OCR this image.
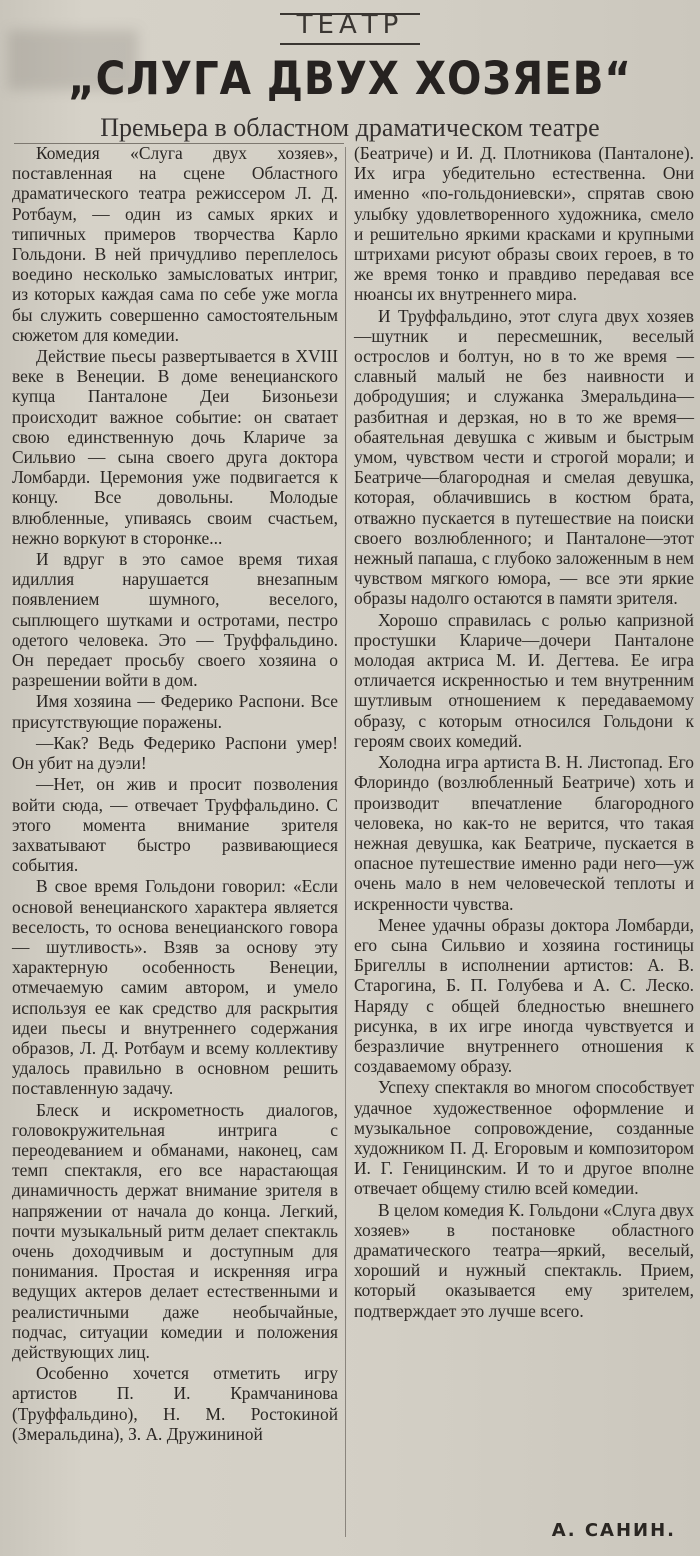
ТЕАТР
„СЛУГА ДВУХ ХОЗЯЕВ“
Премьера в областном драматическом театре

Комедия «Слуга двух хозяев», поставленная на сцене Областного драматического театра режиссером Л. Д. Ротбаум, — один из самых ярких и типичных примеров творчества Карло Гольдони. В ней причудливо переплелось воедино несколько замысловатых интриг, из которых каждая сама по себе уже могла бы служить совершенно самостоятельным сюжетом для комедии.

Действие пьесы развертывается в XVIII веке в Венеции. В доме венецианского купца Панталоне Деи Бизоньези происходит важное событие: он сватает свою единственную дочь Клариче за Сильвио — сына своего друга доктора Ломбарди. Церемония уже подвигается к концу. Все довольны. Молодые влюбленные, упиваясь своим счастьем, нежно воркуют в сторонке...

И вдруг в это самое время тихая идиллия нарушается внезапным появлением шумного, веселого, сыплющего шутками и остротами, пестро одетого человека. Это — Труффальдино. Он передает просьбу своего хозяина о разрешении войти в дом.

Имя хозяина — Федерико Распони. Все присутствующие поражены.

—Как? Ведь Федерико Распони умер! Он убит на дуэли!

—Нет, он жив и просит позволения войти сюда, — отвечает Труффальдино. С этого момента внимание зрителя захватывают быстро развивающиеся события.

В свое время Гольдони говорил: «Если основой венецианского характера является веселость, то основа венецианского говора — шутливость». Взяв за основу эту характерную особенность Венеции, отмечаемую самим автором, и умело используя ее как средство для раскрытия идеи пьесы и внутреннего содержания образов, Л. Д. Ротбаум и всему коллективу удалось правильно в основном решить поставленную задачу.

Блеск и искрометность диалогов, головокружительная интрига с переодеванием и обманами, наконец, сам темп спектакля, его все нарастающая динамичность держат внимание зрителя в напряжении от начала до конца. Легкий, почти музыкальный ритм делает спектакль очень доходчивым и доступным для понимания. Простая и искренняя игра ведущих актеров делает естественными и реалистичными даже необычайные, подчас, ситуации комедии и положения действующих лиц.

Особенно хочется отметить игру артистов П. И. Крамчанинова (Труффальдино), Н. М. Ростокиной (Змеральдина), З. А. Дружининой

(Беатриче) и И. Д. Плотникова (Панталоне). Их игра убедительно естественна. Они именно «по-гольдониевски», спрятав свою улыбку удовлетворенного художника, смело и решительно яркими красками и крупными штрихами рисуют образы своих героев, в то же время тонко и правдиво передавая все нюансы их внутреннего мира.

И Труффальдино, этот слуга двух хозяев—шутник и пересмешник, веселый острослов и болтун, но в то же время — славный малый не без наивности и добродушия; и служанка Змеральдина—разбитная и дерзкая, но в то же время—обаятельная девушка с живым и быстрым умом, чувством чести и строгой морали; и Беатриче—благородная и смелая девушка, которая, облачившись в костюм брата, отважно пускается в путешествие на поиски своего возлюбленного; и Панталоне—этот нежный папаша, с глубоко заложенным в нем чувством мягкого юмора, — все эти яркие образы надолго остаются в памяти зрителя.

Хорошо справилась с ролью капризной простушки Клариче—дочери Панталоне молодая актриса М. И. Дегтева. Ее игра отличается искренностью и тем внутренним шутливым отношением к передаваемому образу, с которым относился Гольдони к героям своих комедий.

Холодна игра артиста В. Н. Листопад. Его Флориндо (возлюбленный Беатриче) хоть и производит впечатление благородного человека, но как-то не верится, что такая нежная девушка, как Беатриче, пускается в опасное путешествие именно ради него—уж очень мало в нем человеческой теплоты и искренности чувства.

Менее удачны образы доктора Ломбарди, его сына Сильвио и хозяина гостиницы Бригеллы в исполнении артистов: А. В. Старогина, Б. П. Голубева и А. С. Леско. Наряду с общей бледностью внешнего рисунка, в их игре иногда чувствуется и безразличие внутреннего отношения к создаваемому образу.

Успеху спектакля во многом способствует удачное художественное оформление и музыкальное сопровождение, созданные художником П. Д. Егоровым и композитором И. Г. Геницинским. И то и другое вполне отвечает общему стилю всей комедии.

В целом комедия К. Гольдони «Слуга двух хозяев» в постановке областного драматического театра—яркий, веселый, хороший и нужный спектакль. Прием, который оказывается ему зрителем, подтверждает это лучше всего.

А. САНИН.
